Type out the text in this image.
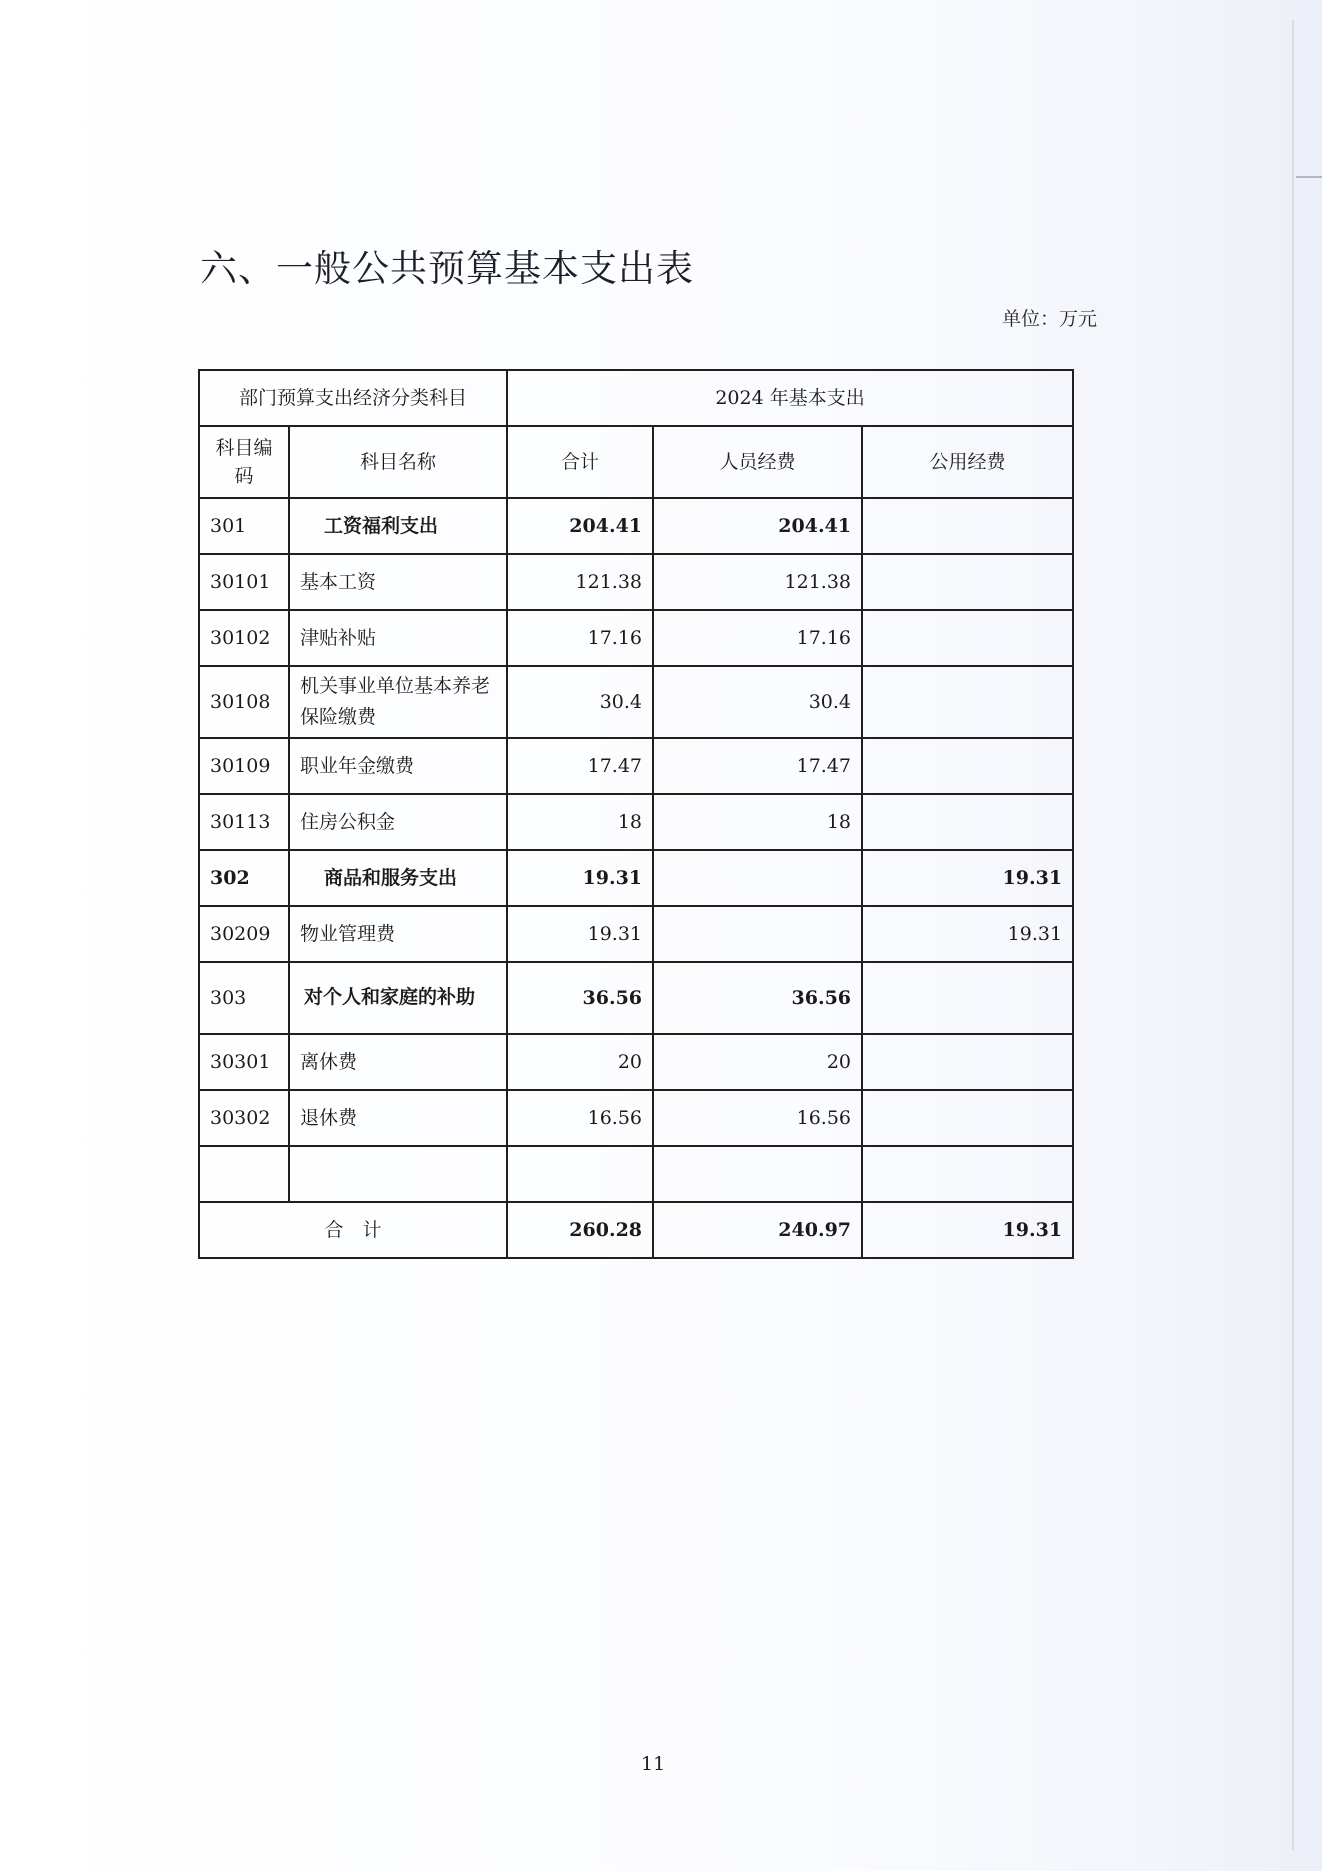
六、一般公共预算基本支出表
单位：万元
部门预算支出经济分类科目		2024 年基本支出		
科目编码	科目名称	合计	人员经费	公用经费
301	工资福利支出	204.41	204.41	
30101	基本工资	121.38	121.38	
30102	津贴补贴	17.16	17.16	
30108	机关事业单位基本养老保险缴费	30.4	30.4	
30109	职业年金缴费	17.47	17.47	
30113	住房公积金	18	18	
302	商品和服务支出	19.31		19.31
30209	物业管理费	19.31		19.31
303	对个人和家庭的补助	36.56	36.56	
30301	离休费	20	20	
30302	退休费	16.56	16.56	

合　计		260.28	240.97	19.31
11
